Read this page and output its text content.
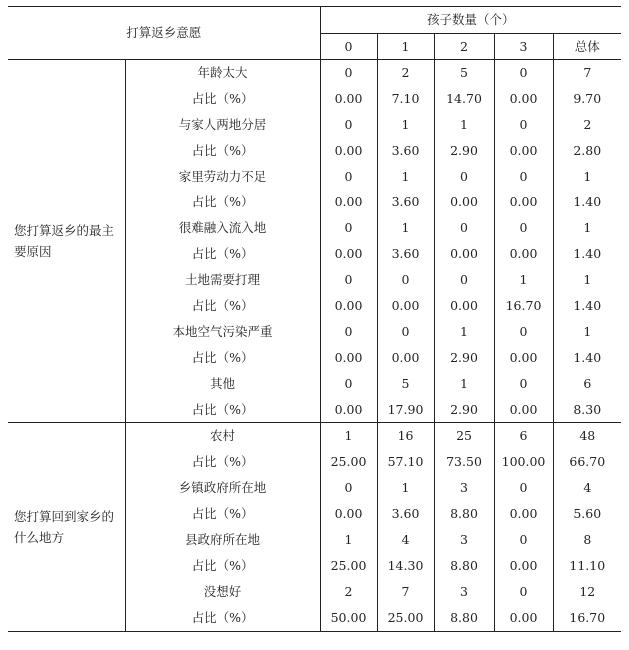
打算返乡意愿		孩子数量（个）				
		0	1	2	3	总体
您打算返乡的最主要原因	年龄太大	0	2	5	0	7
	占比（%）	0.00	7.10	14.70	0.00	9.70
	与家人两地分居	0	1	1	0	2
	占比（%）	0.00	3.60	2.90	0.00	2.80
	家里劳动力不足	0	1	0	0	1
	占比（%）	0.00	3.60	0.00	0.00	1.40
	很难融入流入地	0	1	0	0	1
	占比（%）	0.00	3.60	0.00	0.00	1.40
	土地需要打理	0	0	0	1	1
	占比（%）	0.00	0.00	0.00	16.70	1.40
	本地空气污染严重	0	0	1	0	1
	占比（%）	0.00	0.00	2.90	0.00	1.40
	其他	0	5	1	0	6
	占比（%）	0.00	17.90	2.90	0.00	8.30
您打算回到家乡的什么地方	农村	1	16	25	6	48
	占比（%）	25.00	57.10	73.50	100.00	66.70
	乡镇政府所在地	0	1	3	0	4
	占比（%）	0.00	3.60	8.80	0.00	5.60
	县政府所在地	1	4	3	0	8
	占比（%）	25.00	14.30	8.80	0.00	11.10
	没想好	2	7	3	0	12
	占比（%）	50.00	25.00	8.80	0.00	16.70
